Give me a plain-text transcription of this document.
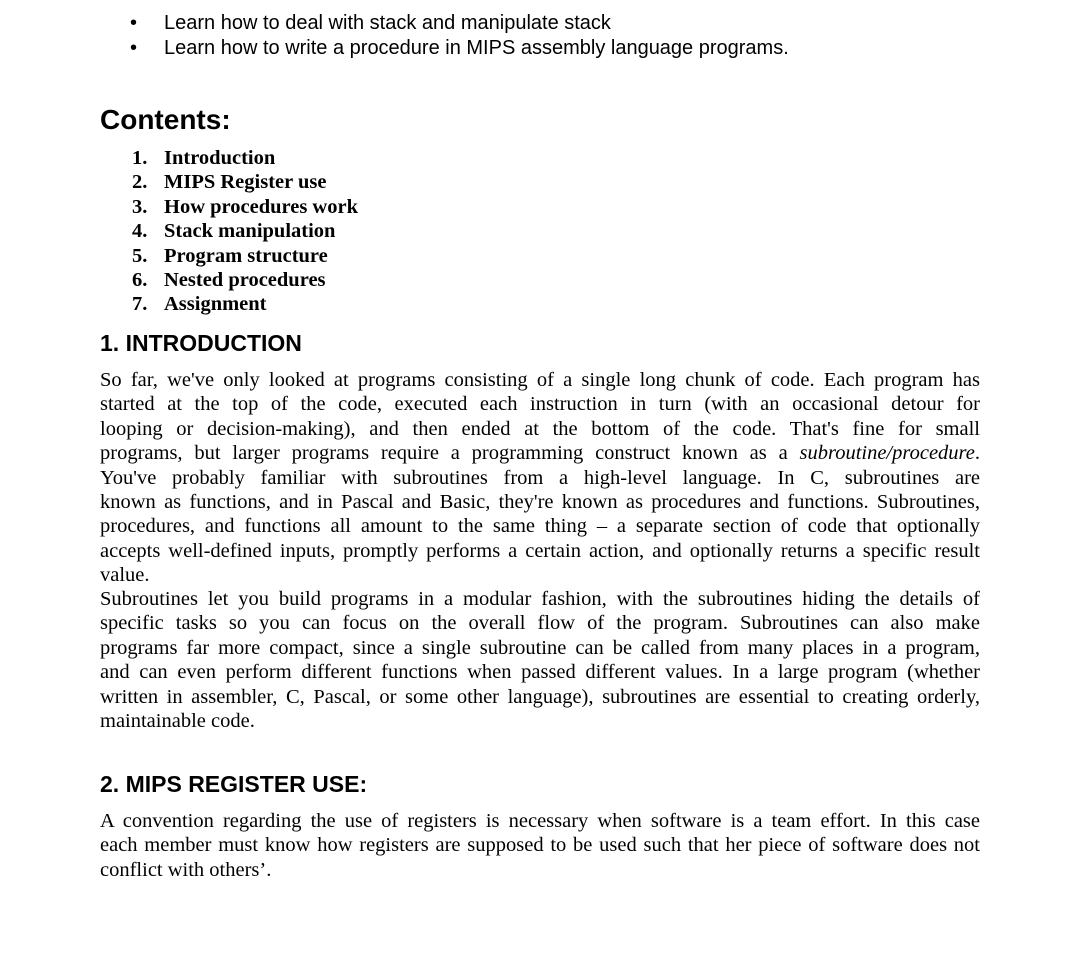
• Learn how to deal with stack and manipulate stack
• Learn how to write a procedure in MIPS assembly language programs.
Contents:
1. Introduction
2. MIPS Register use
3. How procedures work
4. Stack manipulation
5. Program structure
6. Nested procedures
7. Assignment
1. INTRODUCTION
So far, we've only looked at programs consisting of a single long chunk of code. Each program has
started at the top of the code, executed each instruction in turn (with an occasional detour for
looping or decision-making), and then ended at the bottom of the code. That's fine for small
programs, but larger programs require a programming construct known as a subroutine/procedure.
You've probably familiar with subroutines from a high-level language. In C, subroutines are
known as functions, and in Pascal and Basic, they're known as procedures and functions. Subroutines,
procedures, and functions all amount to the same thing – a separate section of code that optionally
accepts well-defined inputs, promptly performs a certain action, and optionally returns a specific result
value.
Subroutines let you build programs in a modular fashion, with the subroutines hiding the details of
specific tasks so you can focus on the overall flow of the program. Subroutines can also make
programs far more compact, since a single subroutine can be called from many places in a program,
and can even perform different functions when passed different values. In a large program (whether
written in assembler, C, Pascal, or some other language), subroutines are essential to creating orderly,
maintainable code.
2. MIPS REGISTER USE:
A convention regarding the use of registers is necessary when software is a team effort. In this case
each member must know how registers are supposed to be used such that her piece of software does not
conflict with others’.
